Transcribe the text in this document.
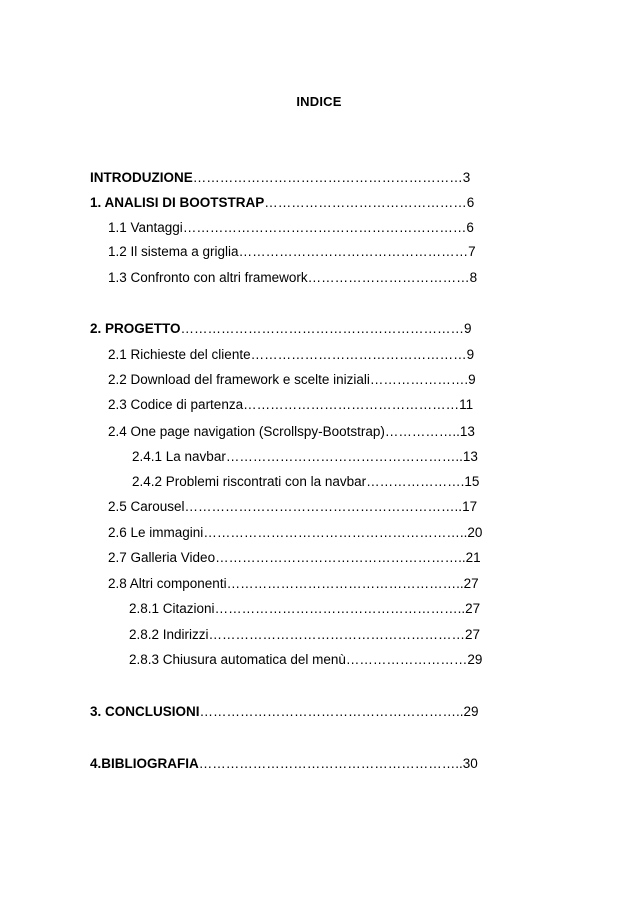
INDICE
INTRODUZIONE……………………………………………………3
1. ANALISI DI BOOTSTRAP………………………………………6
1.1 Vantaggi………………………………………………………6
1.2 Il sistema a griglia……………………………………………7
1.3 Confronto con altri framework………………………………8
2. PROGETTO………………………………………………………9
2.1 Richieste del cliente…………………………………………9
2.2 Download del framework e scelte iniziali………………….9
2.3 Codice di partenza…………………………………………11
2.4 One page navigation (Scrollspy-Bootstrap)……………..13
2.4.1 La navbar……………………………………………..13
2.4.2 Problemi riscontrati con la navbar………………….15
2.5 Carousel……………………………………………………..17
2.6 Le immagini…………………………………………………..20
2.7 Galleria Video………………………………………………..21
2.8 Altri componenti……………………………………………..27
2.8.1 Citazioni………………………………………………..27
2.8.2 Indirizzi…………………………………………………27
2.8.3 Chiusura automatica del menù………………………29
3. CONCLUSIONI…………………………………………………..29
4.BIBLIOGRAFIA…………………………………………………..30
